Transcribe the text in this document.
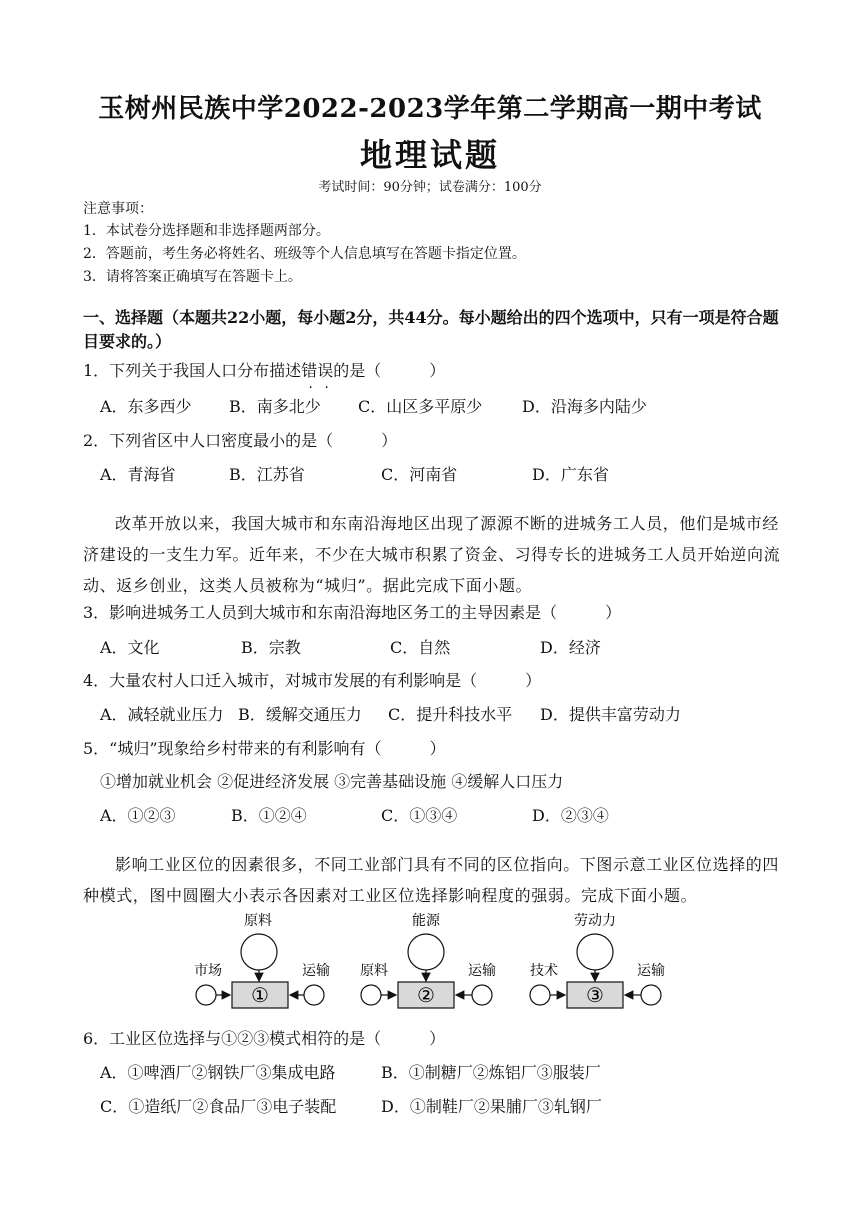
玉树州民族中学2022-2023学年第二学期高一期中考试
地理试题
考试时间：90分钟；试卷满分：100分
注意事项：
1．本试卷分选择题和非选择题两部分。
2．答题前，考生务必将姓名、班级等个人信息填写在答题卡指定位置。
3．请将答案正确填写在答题卡上。
一、选择题（本题共22小题，每小题2分，共44分。每小题给出的四个选项中，只有一项是符合题目要求的。）
1．下列关于我国人口分布描述错误的是（　　　）
A．东多西少 B．南多北少 C．山区多平原少 D．沿海多内陆少
2．下列省区中人口密度最小的是（　　　）
A．青海省	B．江苏省	C．河南省	D．广东省
改革开放以来，我国大城市和东南沿海地区出现了源源不断的进城务工人员，他们是城市经济建设的一支生力军。近年来，不少在大城市积累了资金、习得专长的进城务工人员开始逆向流动、返乡创业，这类人员被称为“城归”。据此完成下面小题。
3．影响进城务工人员到大城市和东南沿海地区务工的主导因素是（　　　）
A．文化	B．宗教	C．自然	D．经济
4．大量农村人口迁入城市，对城市发展的有利影响是（　　　）
A．减轻就业压力 B．缓解交通压力 C．提升科技水平 D．提供丰富劳动力
5．“城归”现象给乡村带来的有利影响有（　　　）
①增加就业机会 ②促进经济发展 ③完善基础设施 ④缓解人口压力
A．①②③	B．①②④	C．①③④	D．②③④
影响工业区位的因素很多，不同工业部门具有不同的区位指向。下图示意工业区位选择的四种模式，图中圆圈大小表示各因素对工业区位选择影响程度的强弱。完成下面小题。
原料
市场	运输
①
能源
原料	运输
②
劳动力
技术	运输
③
6．工业区位选择与①②③模式相符的是（　　　）
A．①啤酒厂②钢铁厂③集成电路	B．①制糖厂②炼铝厂③服装厂
C．①造纸厂②食品厂③电子装配	D．①制鞋厂②果脯厂③轧钢厂
